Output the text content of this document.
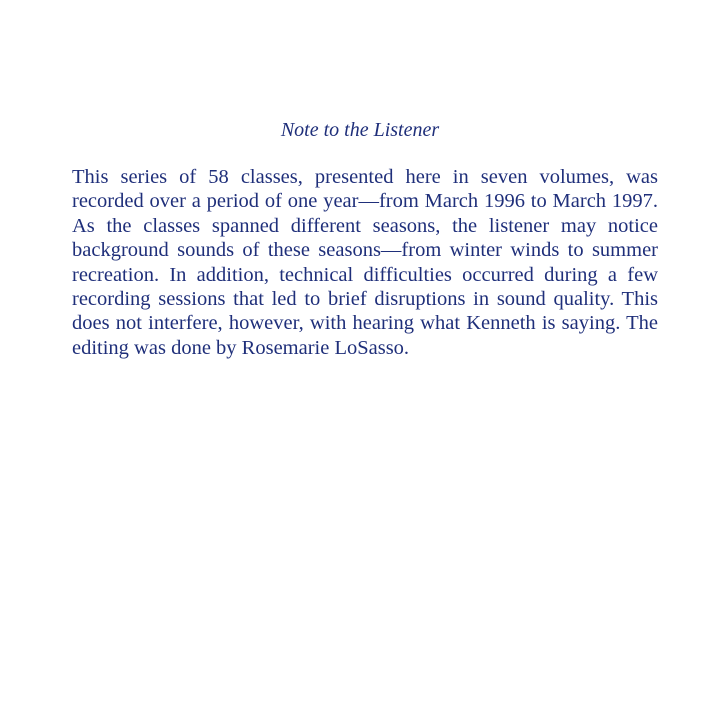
Note to the Listener

This series of 58 classes, presented here in seven volumes, was recorded over a period of one year—from March 1996 to March 1997. As the classes spanned different seasons, the listener may notice background sounds of these seasons—from winter winds to summer recreation. In addition, technical difficulties occurred during a few recording sessions that led to brief disruptions in sound quality. This does not interfere, however, with hearing what Kenneth is saying. The editing was done by Rosemarie LoSasso.
